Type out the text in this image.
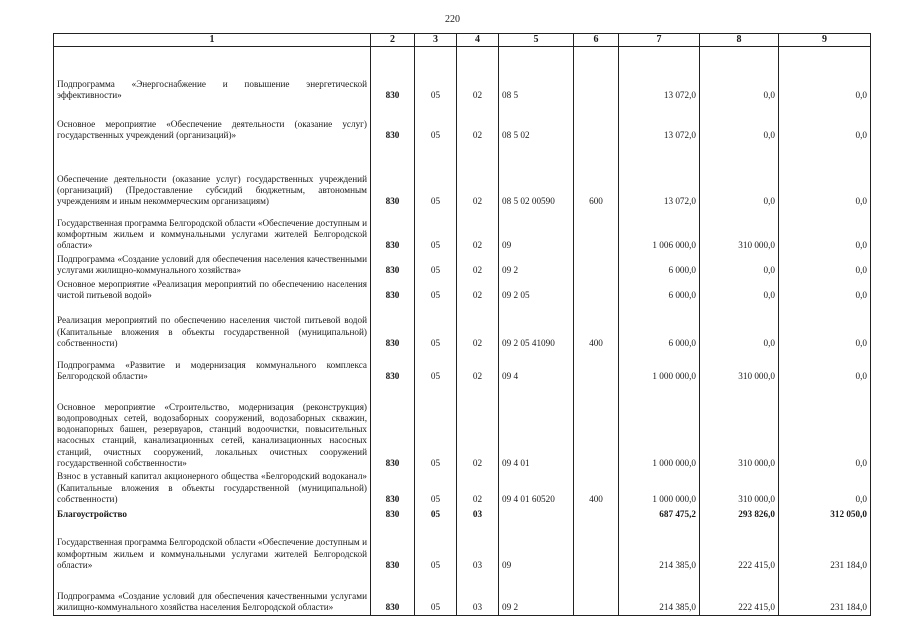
220
1	2	3	4	5	6	7	8	9
Подпрограмма «Энергоснабжение и повышение энергетической эффективности»	830	05	02	08 5		13 072,0	0,0	0,0
Основное мероприятие «Обеспечение деятельности (оказание услуг) государственных учреждений (организаций)»	830	05	02	08 5 02		13 072,0	0,0	0,0
Обеспечение деятельности (оказание услуг) государственных учреждений (организаций) (Предоставление субсидий бюджетным, автономным учреждениям и иным некоммерческим организациям)	830	05	02	08 5 02 00590	600	13 072,0	0,0	0,0
Государственная программа Белгородской области «Обеспечение доступным и комфортным жильем и коммунальными услугами жителей Белгородской области»	830	05	02	09		1 006 000,0	310 000,0	0,0
Подпрограмма «Создание условий для обеспечения населения качественными услугами жилищно-коммунального хозяйства»	830	05	02	09 2		6 000,0	0,0	0,0
Основное мероприятие «Реализация мероприятий по обеспечению населения чистой питьевой водой»	830	05	02	09 2 05		6 000,0	0,0	0,0
Реализация мероприятий по обеспечению населения чистой питьевой водой (Капитальные вложения в объекты государственной (муниципальной) собственности)	830	05	02	09 2 05 41090	400	6 000,0	0,0	0,0
Подпрограмма «Развитие и модернизация коммунального комплекса Белгородской области»	830	05	02	09 4		1 000 000,0	310 000,0	0,0
Основное мероприятие «Строительство, модернизация (реконструкция) водопроводных сетей, водозаборных сооружений, водозаборных скважин, водонапорных башен, резервуаров, станций водоочистки, повысительных насосных станций, канализационных сетей, канализационных насосных станций, очистных сооружений, локальных очистных сооружений государственной собственности»	830	05	02	09 4 01		1 000 000,0	310 000,0	0,0
Взнос в уставный капитал акционерного общества «Белгородский водоканал» (Капитальные вложения в объекты государственной (муниципальной) собственности)	830	05	02	09 4 01 60520	400	1 000 000,0	310 000,0	0,0
Благоустройство	830	05	03			687 475,2	293 826,0	312 050,0
Государственная программа Белгородской области «Обеспечение доступным и комфортным жильем и коммунальными услугами жителей Белгородской области»	830	05	03	09		214 385,0	222 415,0	231 184,0
Подпрограмма «Создание условий для обеспечения качественными услугами жилищно-коммунального хозяйства населения Белгородской области»	830	05	03	09 2		214 385,0	222 415,0	231 184,0
